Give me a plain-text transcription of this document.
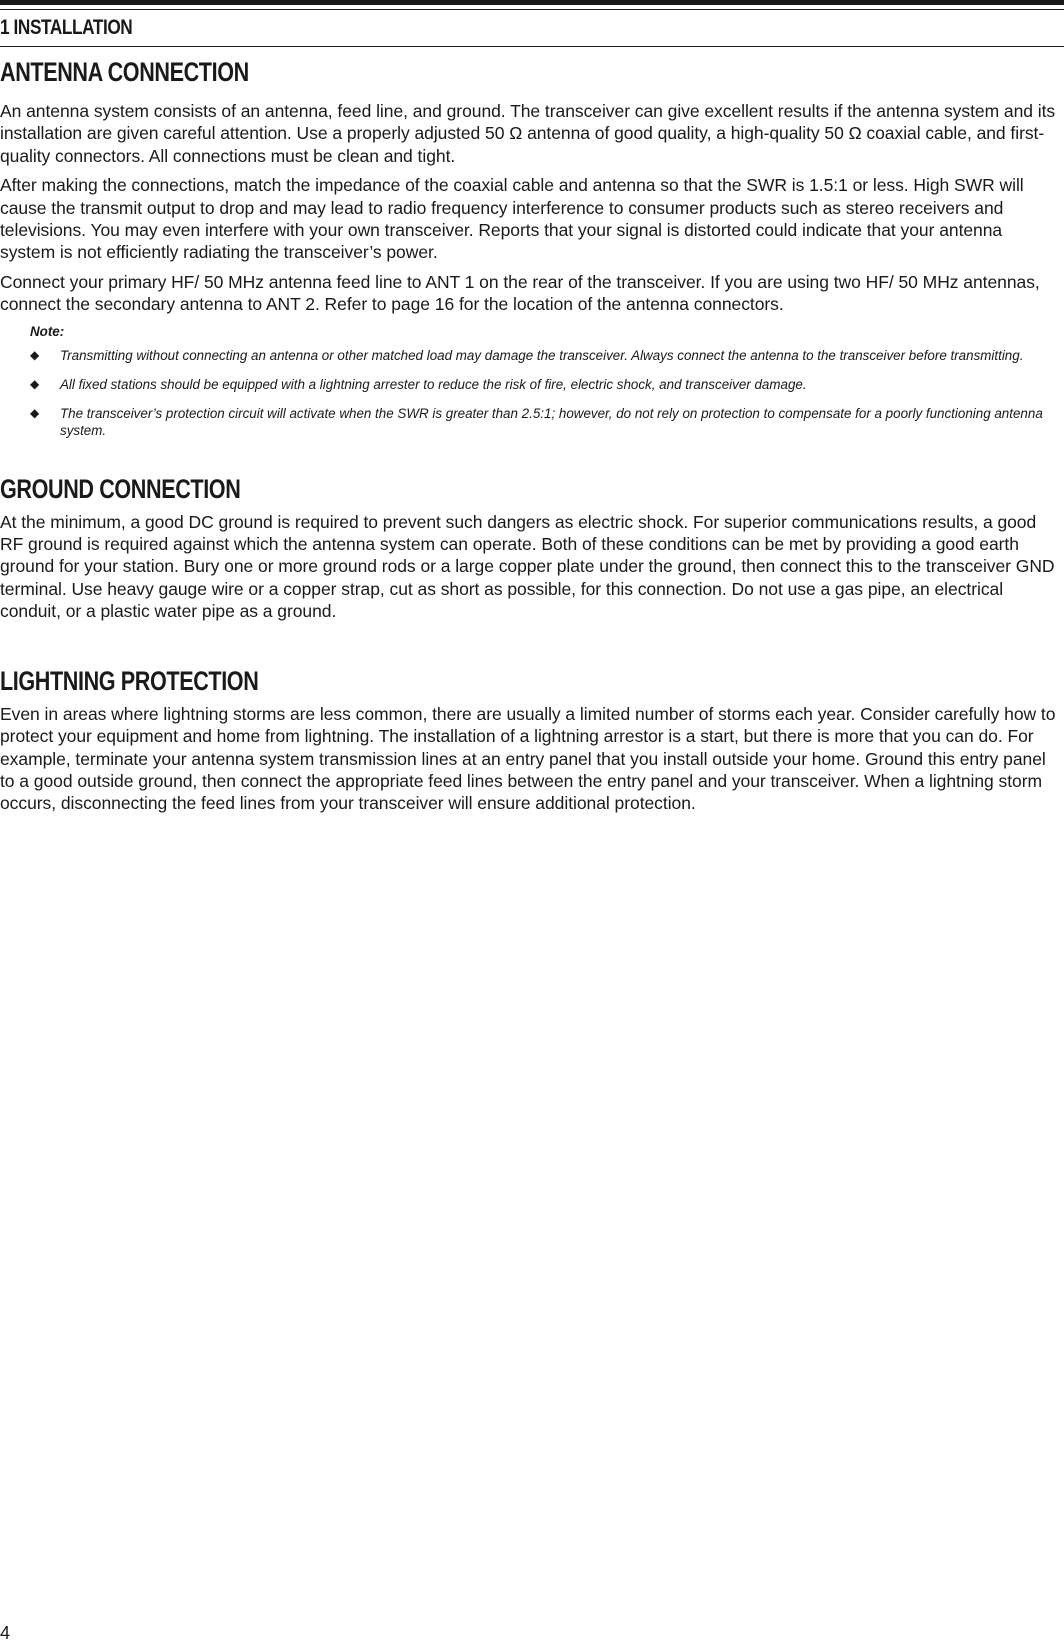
1 INSTALLATION
ANTENNA CONNECTION

An antenna system consists of an antenna, feed line, and ground. The transceiver can give excellent results if the antenna system and its installation are given careful attention. Use a properly adjusted 50 Ω antenna of good quality, a high-quality 50 Ω coaxial cable, and first-quality connectors. All connections must be clean and tight.

After making the connections, match the impedance of the coaxial cable and antenna so that the SWR is 1.5:1 or less. High SWR will cause the transmit output to drop and may lead to radio frequency interference to consumer products such as stereo receivers and televisions. You may even interfere with your own transceiver. Reports that your signal is distorted could indicate that your antenna system is not efficiently radiating the transceiver’s power.

Connect your primary HF/ 50 MHz antenna feed line to ANT 1 on the rear of the transceiver. If you are using two HF/ 50 MHz antennas, connect the secondary antenna to ANT 2. Refer to page 16 for the location of the antenna connectors.

Note:
◆ Transmitting without connecting an antenna or other matched load may damage the transceiver. Always connect the antenna to the transceiver before transmitting.
◆ All fixed stations should be equipped with a lightning arrester to reduce the risk of fire, electric shock, and transceiver damage.
◆ The transceiver’s protection circuit will activate when the SWR is greater than 2.5:1; however, do not rely on protection to compensate for a poorly functioning antenna system.
GROUND CONNECTION

At the minimum, a good DC ground is required to prevent such dangers as electric shock. For superior communications results, a good RF ground is required against which the antenna system can operate. Both of these conditions can be met by providing a good earth ground for your station. Bury one or more ground rods or a large copper plate under the ground, then connect this to the transceiver GND terminal. Use heavy gauge wire or a copper strap, cut as short as possible, for this connection. Do not use a gas pipe, an electrical conduit, or a plastic water pipe as a ground.

LIGHTNING PROTECTION

Even in areas where lightning storms are less common, there are usually a limited number of storms each year. Consider carefully how to protect your equipment and home from lightning. The installation of a lightning arrestor is a start, but there is more that you can do. For example, terminate your antenna system transmission lines at an entry panel that you install outside your home. Ground this entry panel to a good outside ground, then connect the appropriate feed lines between the entry panel and your transceiver. When a lightning storm occurs, disconnecting the feed lines from your transceiver will ensure additional protection.

4
